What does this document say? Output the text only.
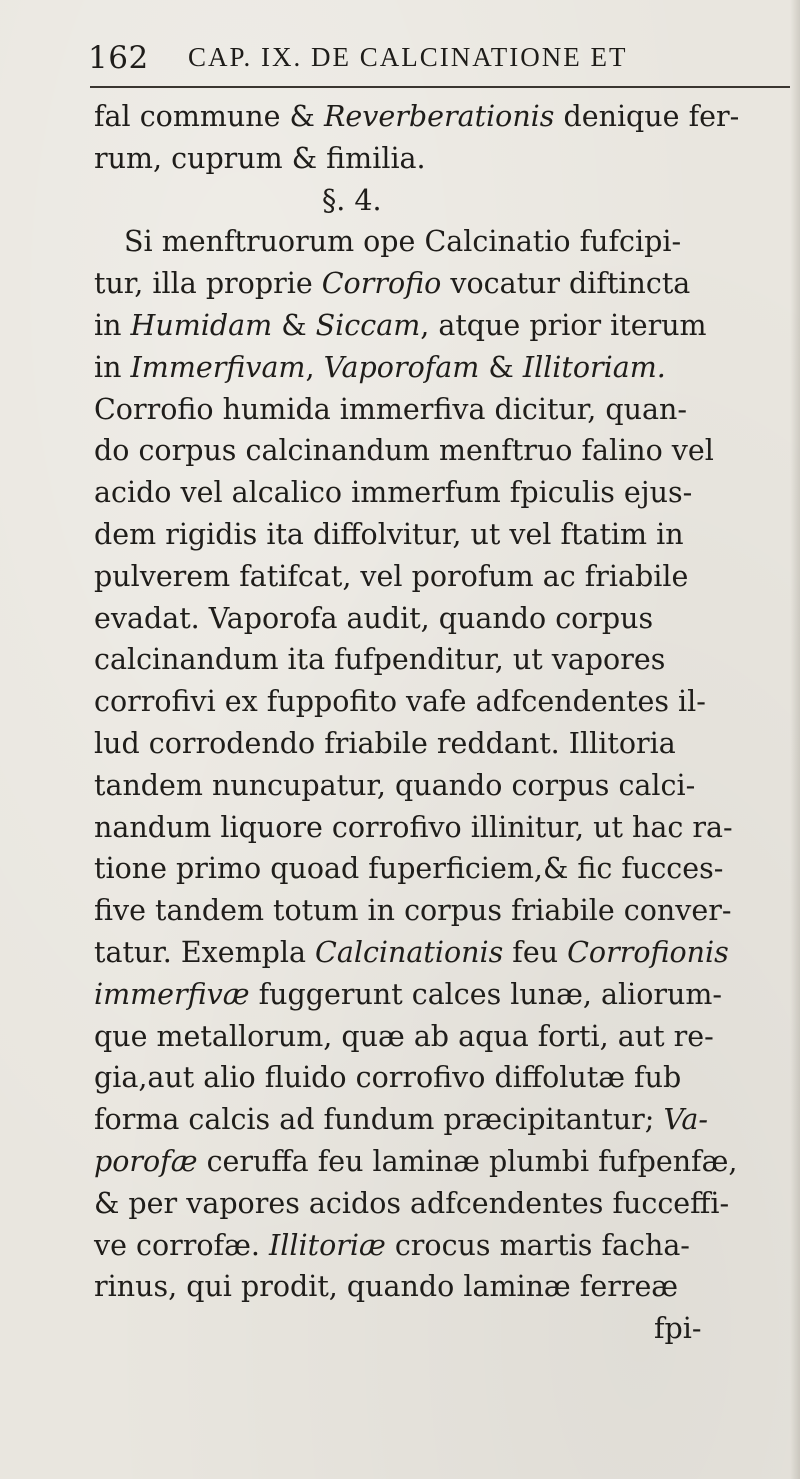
162 CAP. IX. DE CALCINATIONE ET
fal commune & Reverberationis denique fer-
rum, cuprum & fimilia.
§. 4.
Si menftruorum ope Calcinatio fufcipi-
tur, illa proprie Corrofio vocatur diftincta
in Humidam & Siccam, atque prior iterum
in Immerfivam, Vaporofam & Illitoriam.
Corrofio humida immerfiva dicitur, quan-
do corpus calcinandum menftruo falino vel
acido vel alcalico immerfum fpiculis ejus-
dem rigidis ita diffolvitur, ut vel ftatim in
pulverem fatifcat, vel porofum ac friabile
evadat. Vaporofa audit, quando corpus
calcinandum ita fufpenditur, ut vapores
corrofivi ex fuppofito vafe adfcendentes il-
lud corrodendo friabile reddant. Illitoria
tandem nuncupatur, quando corpus calci-
nandum liquore corrofivo illinitur, ut hac ra-
tione primo quoad fuperficiem,& fic fucces-
five tandem totum in corpus friabile conver-
tatur. Exempla Calcinationis feu Corrofionis
immerfivæ fuggerunt calces lunæ, aliorum-
que metallorum, quæ ab aqua forti, aut re-
gia,aut alio fluido corrofivo diffolutæ fub
forma calcis ad fundum præcipitantur; Va-
porofæ ceruffa feu laminæ plumbi fufpenfæ,
& per vapores acidos adfcendentes fucceffi-
ve corrofæ. Illitoriæ crocus martis facha-
rinus, qui prodit, quando laminæ ferreæ
fpi-
